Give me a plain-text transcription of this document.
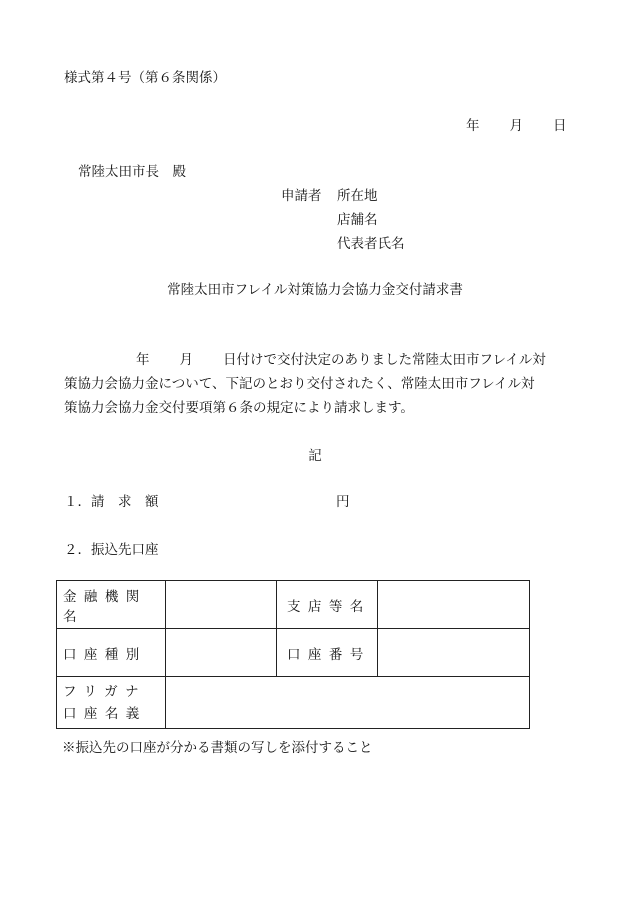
様式第４号（第６条関係）
年 月 日
常陸太田市長　殿
申請者 所在地
店舗名
代表者氏名
常陸太田市フレイル対策協力会協力金交付請求書
年 月 日付けで交付決定のありました常陸太田市フレイル対
策協力会協力金について、下記のとおり交付されたく、常陸太田市フレイル対
策協力会協力金交付要項第６条の規定により請求します。
記
１．請　求　額	円
２．振込先口座
金融機関名		支店等名	
口座種別		口座番号	

フリガナ
口座名義			

※振込先の口座が分かる書類の写しを添付すること
